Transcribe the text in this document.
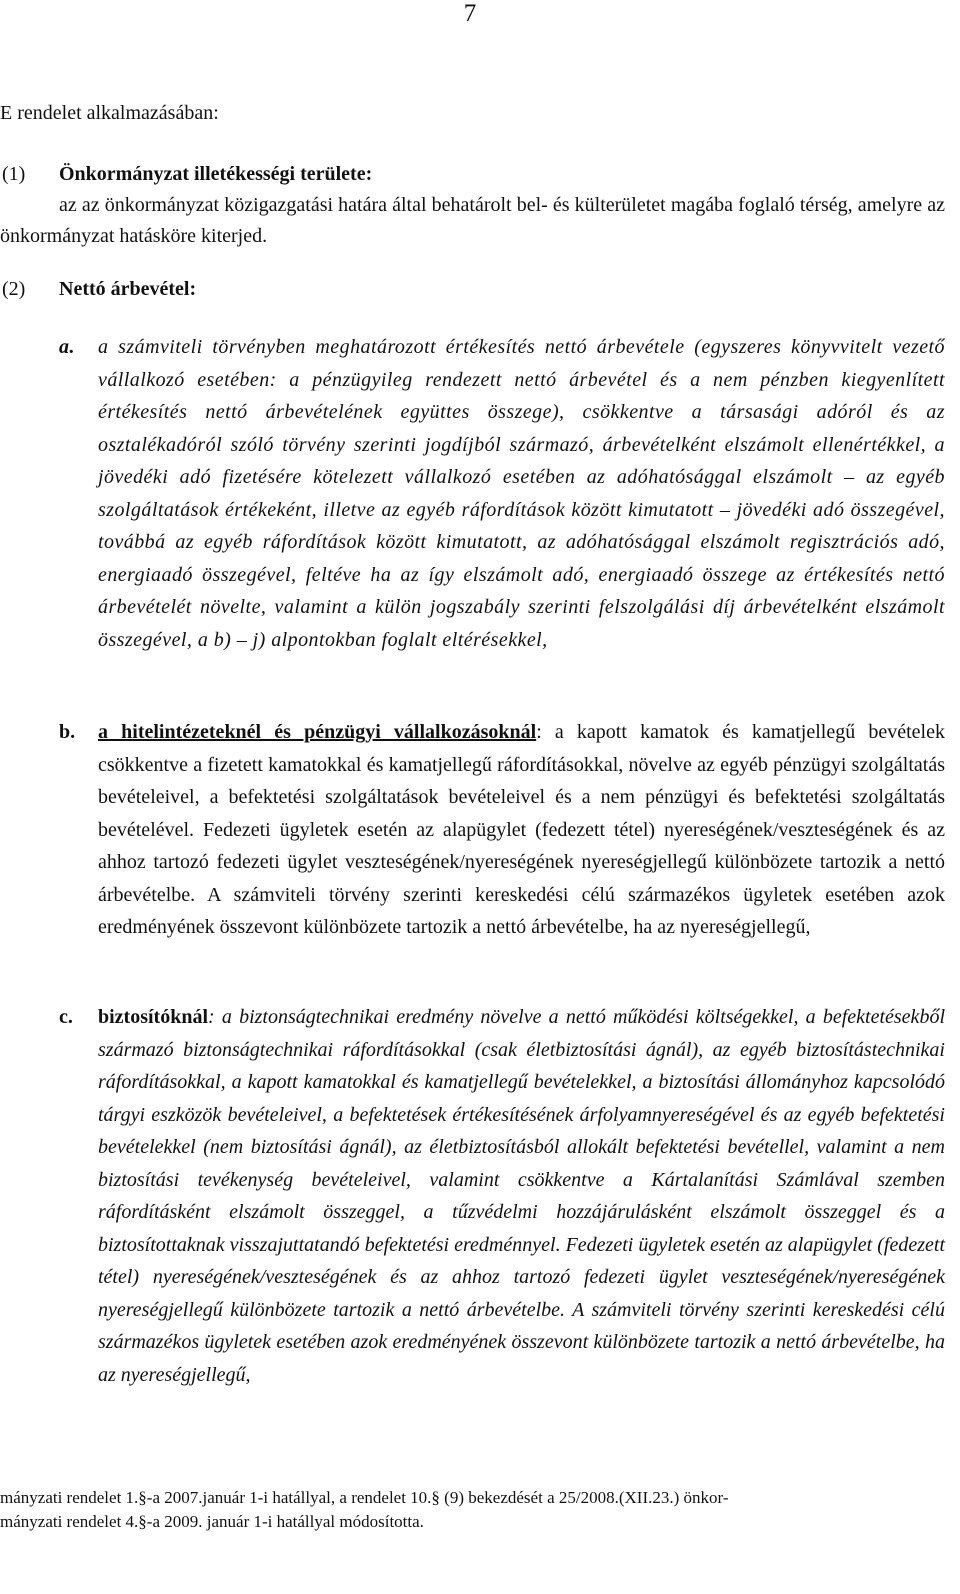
7

E rendelet alkalmazásában:

(1) Önkormányzat illetékességi területe:

az az önkormányzat közigazgatási határa által behatárolt bel- és külterületet magába foglaló térség, amelyre az önkormányzat hatásköre kiterjed.

(2) Nettó árbevétel:

a. a számviteli törvényben meghatározott értékesítés nettó árbevétele (egyszeres könyvvitelt vezető vállalkozó esetében: a pénzügyileg rendezett nettó árbevétel és a nem pénzben kiegyenlített értékesítés nettó árbevételének együttes összege), csökkentve a társasági adóról és az osztalékadóról szóló törvény szerinti jogdíjból származó, árbevételként elszámolt ellenértékkel, a jövedéki adó fizetésére kötelezett vállalkozó esetében az adóhatósággal elszámolt – az egyéb szolgáltatások értékeként, illetve az egyéb ráfordítások között kimutatott – jövedéki adó összegével, továbbá az egyéb ráfordítások között kimutatott, az adóhatósággal elszámolt regisztrációs adó, energiaadó összegével, feltéve ha az így elszámolt adó, energiaadó összege az értékesítés nettó árbevételét növelte, valamint a külön jogszabály szerinti felszolgálási díj árbevételként elszámolt összegével, a b) – j) alpontokban foglalt eltérésekkel,

b. a hitelintézeteknél és pénzügyi vállalkozásoknál: a kapott kamatok és kamatjellegű bevételek csökkentve a fizetett kamatokkal és kamatjellegű ráfordításokkal, növelve az egyéb pénzügyi szolgáltatás bevételeivel, a befektetési szolgáltatások bevételeivel és a nem pénzügyi és befektetési szolgáltatás bevételével. Fedezeti ügyletek esetén az alapügylet (fedezett tétel) nyereségének/veszteségének és az ahhoz tartozó fedezeti ügylet veszteségének/nyereségének nyereségjellegű különbözete tartozik a nettó árbevételbe. A számviteli törvény szerinti kereskedési célú származékos ügyletek esetében azok eredményének összevont különbözete tartozik a nettó árbevételbe, ha az nyereségjellegű,

c. biztosítóknál: a biztonságtechnikai eredmény növelve a nettó működési költségekkel, a befektetésekből származó biztonságtechnikai ráfordításokkal (csak életbiztosítási ágnál), az egyéb biztosítástechnikai ráfordításokkal, a kapott kamatokkal és kamatjellegű bevételekkel, a biztosítási állományhoz kapcsolódó tárgyi eszközök bevételeivel, a befektetések értékesítésének árfolyamnyereségével és az egyéb befektetési bevételekkel (nem biztosítási ágnál), az életbiztosításból allokált befektetési bevétellel, valamint a nem biztosítási tevékenység bevételeivel, valamint csökkentve a Kártalanítási Számlával szemben ráfordításként elszámolt összeggel, a tűzvédelmi hozzájárulásként elszámolt összeggel és a biztosítottaknak visszajuttatandó befektetési eredménnyel. Fedezeti ügyletek esetén az alapügylet (fedezett tétel) nyereségének/veszteségének és az ahhoz tartozó fedezeti ügylet veszteségének/nyereségének nyereségjellegű különbözete tartozik a nettó árbevételbe. A számviteli törvény szerinti kereskedési célú származékos ügyletek esetében azok eredményének összevont különbözete tartozik a nettó árbevételbe, ha az nyereségjellegű,

mányzati rendelet 1.§-a 2007.január 1-i hatállyal, a rendelet 10.§ (9) bekezdését a 25/2008.(XII.23.) önkor-

mányzati rendelet 4.§-a 2009. január 1-i hatállyal módosította.
